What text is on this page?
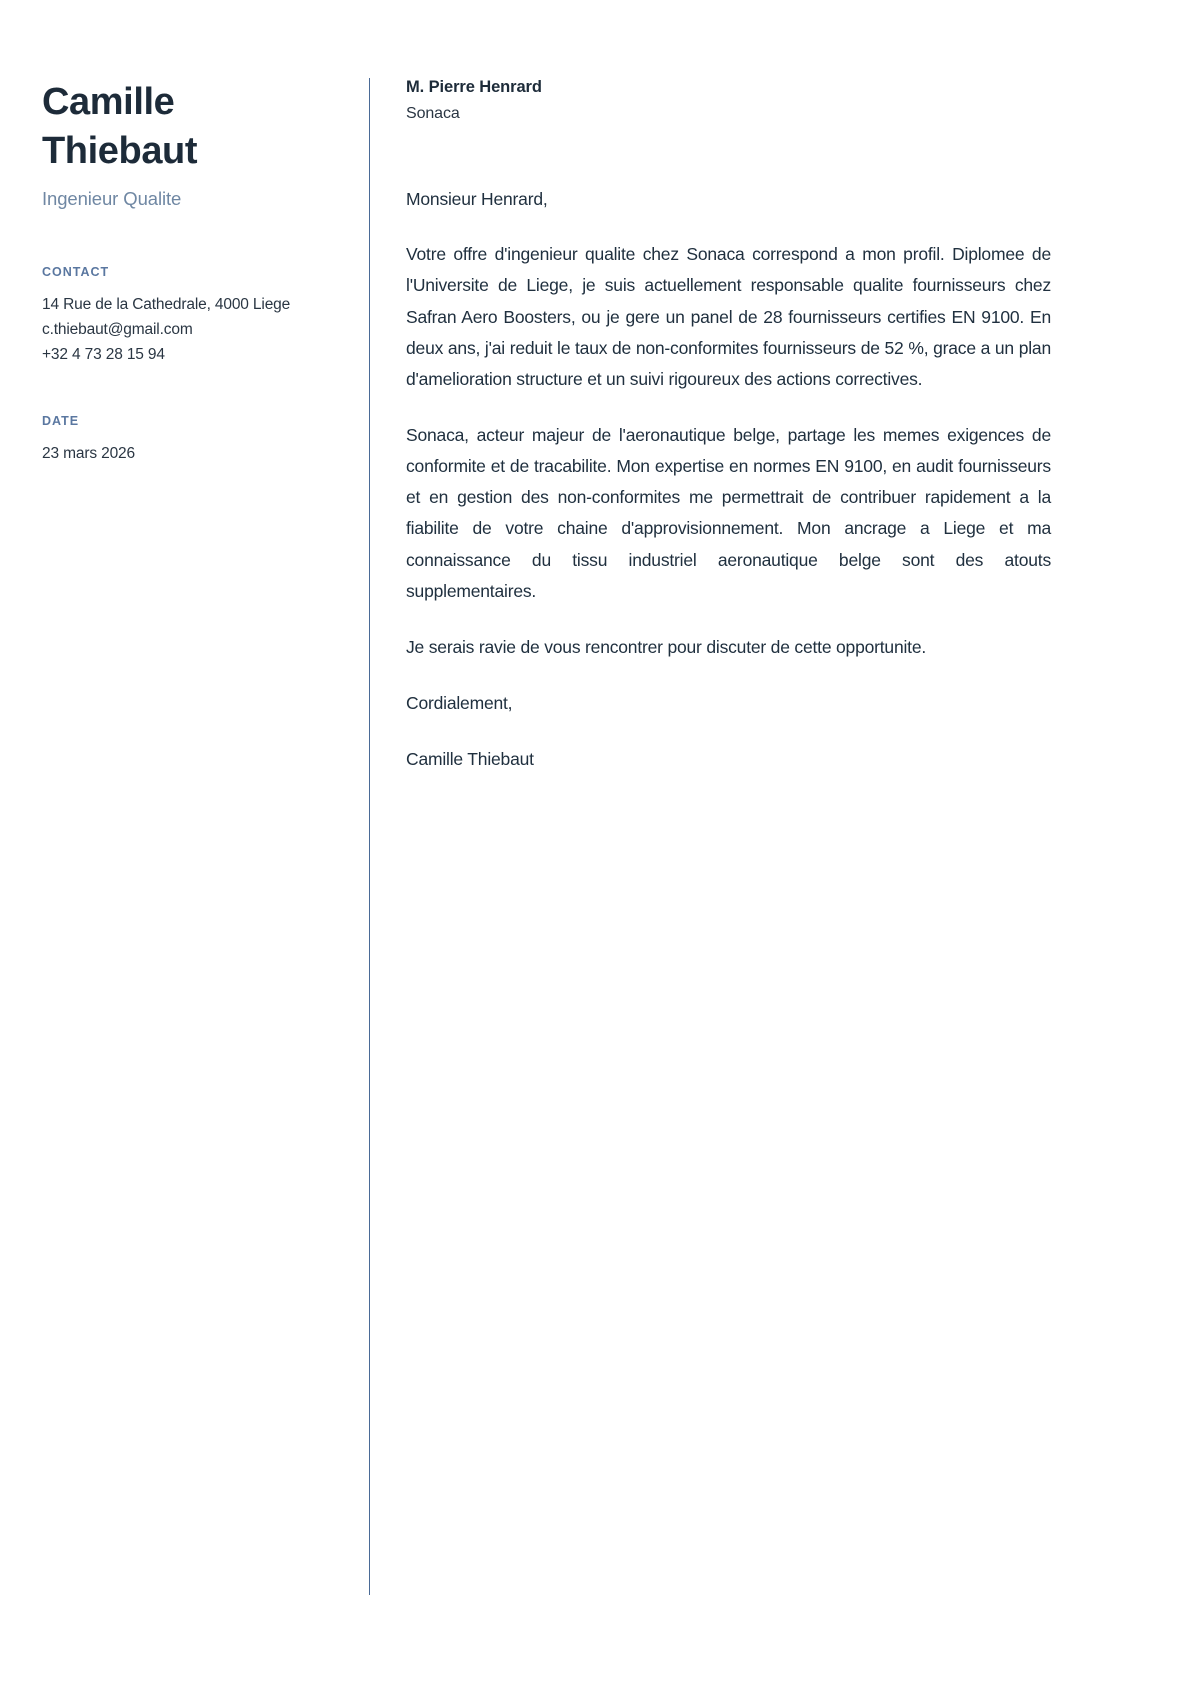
Camille
Thiebaut
Ingenieur Qualite
CONTACT
14 Rue de la Cathedrale, 4000 Liege
c.thiebaut@gmail.com
+32 4 73 28 15 94
DATE
23 mars 2026
M. Pierre Henrard
Sonaca
Monsieur Henrard,

Votre offre d'ingenieur qualite chez Sonaca correspond a mon profil. Diplomee de l'Universite de Liege, je suis actuellement responsable qualite fournisseurs chez Safran Aero Boosters, ou je gere un panel de 28 fournisseurs certifies EN 9100. En deux ans, j'ai reduit le taux de non-conformites fournisseurs de 52 %, grace a un plan d'amelioration structure et un suivi rigoureux des actions correctives.

Sonaca, acteur majeur de l'aeronautique belge, partage les memes exigences de conformite et de tracabilite. Mon expertise en normes EN 9100, en audit fournisseurs et en gestion des non-conformites me permettrait de contribuer rapidement a la fiabilite de votre chaine d'approvisionnement. Mon ancrage a Liege et ma connaissance du tissu industriel aeronautique belge sont des atouts supplementaires.

Je serais ravie de vous rencontrer pour discuter de cette opportunite.

Cordialement,
Camille Thiebaut
